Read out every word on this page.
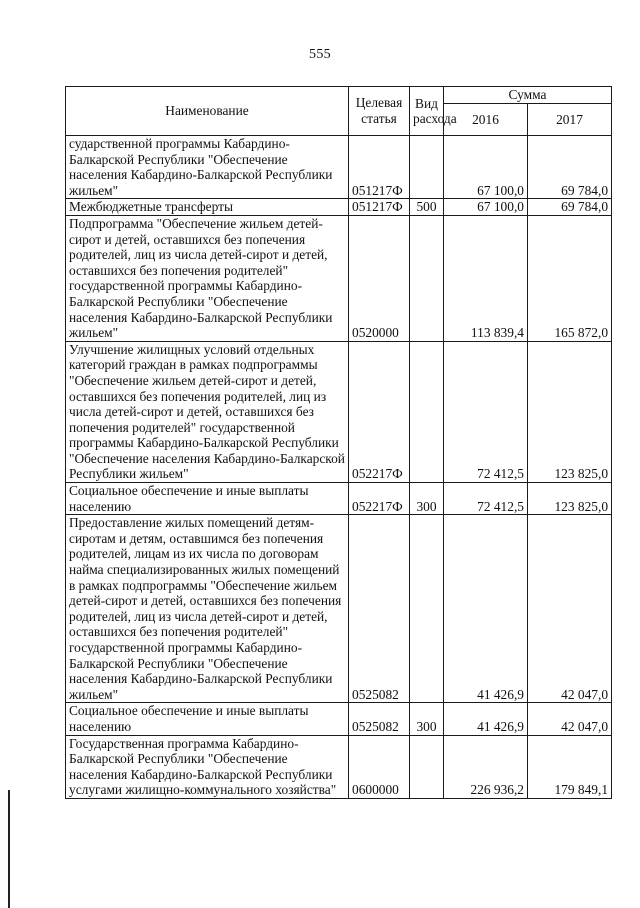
555
Наименование	Целевая статья	Вид расхода	Сумма	
			2016	2017
сударственной программы Кабардино-Балкарской Республики "Обеспечение населения Кабардино-Балкарской Республики жильем"	051217Ф		67 100,0	69 784,0
Межбюджетные трансферты	051217Ф	500	67 100,0	69 784,0
Подпрограмма "Обеспечение жильем детей-сирот и детей, оставшихся без попечения родителей, лиц из числа детей-сирот и детей, оставшихся без попечения родителей" государственной программы Кабардино-Балкарской Республики "Обеспечение населения Кабардино-Балкарской Республики жильем"	0520000		113 839,4	165 872,0
Улучшение жилищных условий отдельных категорий граждан в рамках подпрограммы "Обеспечение жильем детей-сирот и детей, оставшихся без попечения родителей, лиц из числа детей-сирот и детей, оставшихся без попечения родителей" государственной программы Кабардино-Балкарской Республики "Обеспечение населения Кабардино-Балкарской Республики жильем"	052217Ф		72 412,5	123 825,0
Социальное обеспечение и иные выплаты населению	052217Ф	300	72 412,5	123 825,0
Предоставление жилых помещений детям-сиротам и детям, оставшимся без попечения родителей, лицам из их числа по договорам найма специализированных жилых помещений в рамках подпрограммы "Обеспечение жильем детей-сирот и детей, оставшихся без попечения родителей, лиц из числа детей-сирот и детей, оставшихся без попечения родителей" государственной программы Кабардино-Балкарской Республики "Обеспечение населения Кабардино-Балкарской Республики жильем"	0525082		41 426,9	42 047,0
Социальное обеспечение и иные выплаты населению	0525082	300	41 426,9	42 047,0
Государственная программа Кабардино-Балкарской Республики "Обеспечение населения Кабардино-Балкарской Республики услугами жилищно-коммунального хозяйства"	0600000		226 936,2	179 849,1
